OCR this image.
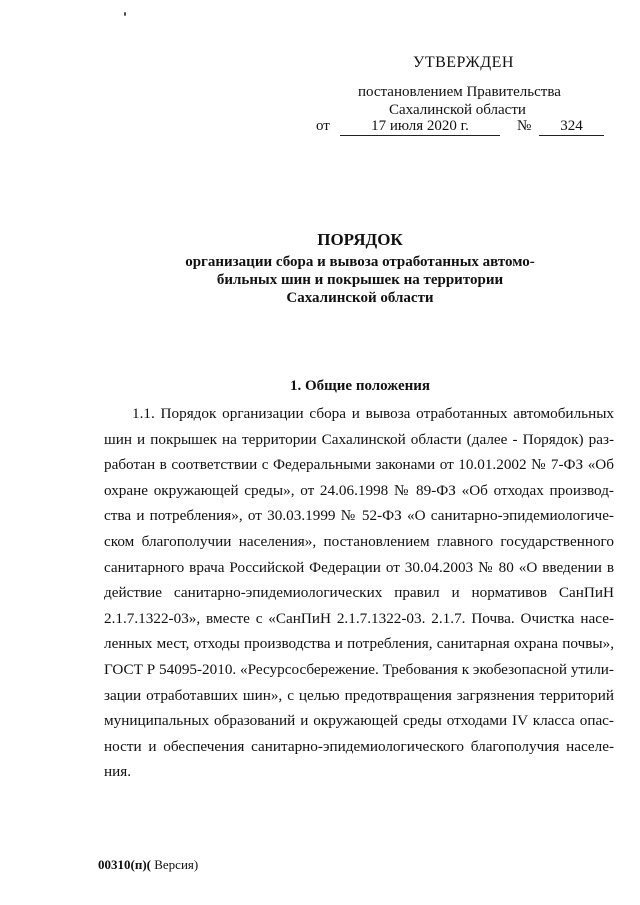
УТВЕРЖДЕН
постановлением Правительства
Сахалинской области
от	17 июля 2020 г.	№	324
ПОРЯДОК
организации сбора и вывоза отработанных автомо-
бильных шин и покрышек на территории
Сахалинской области
1. Общие положения
1.1. Порядок организации сбора и вывоза отработанных автомобильных
шин и покрышек на территории Сахалинской области (далее - Порядок) раз-
работан в соответствии с Федеральными законами от 10.01.2002 № 7-ФЗ «Об
охране окружающей среды», от 24.06.1998 № 89-ФЗ «Об отходах производ-
ства и потребления», от 30.03.1999 № 52-ФЗ «О санитарно-эпидемиологиче-
ском благополучии населения», постановлением главного государственного
санитарного врача Российской Федерации от 30.04.2003 № 80 «О введении в
действие санитарно-эпидемиологических правил и нормативов СанПиН
2.1.7.1322-03», вместе с «СанПиН 2.1.7.1322-03. 2.1.7. Почва. Очистка насе-
ленных мест, отходы производства и потребления, санитарная охрана почвы»,
ГОСТ Р 54095-2010. «Ресурсосбережение. Требования к экобезопасной утили-
зации отработавших шин», с целью предотвращения загрязнения территорий
муниципальных образований и окружающей среды отходами IV класса опас-
ности и обеспечения санитарно-эпидемиологического благополучия населе-
ния.
00310(п)( Версия)
